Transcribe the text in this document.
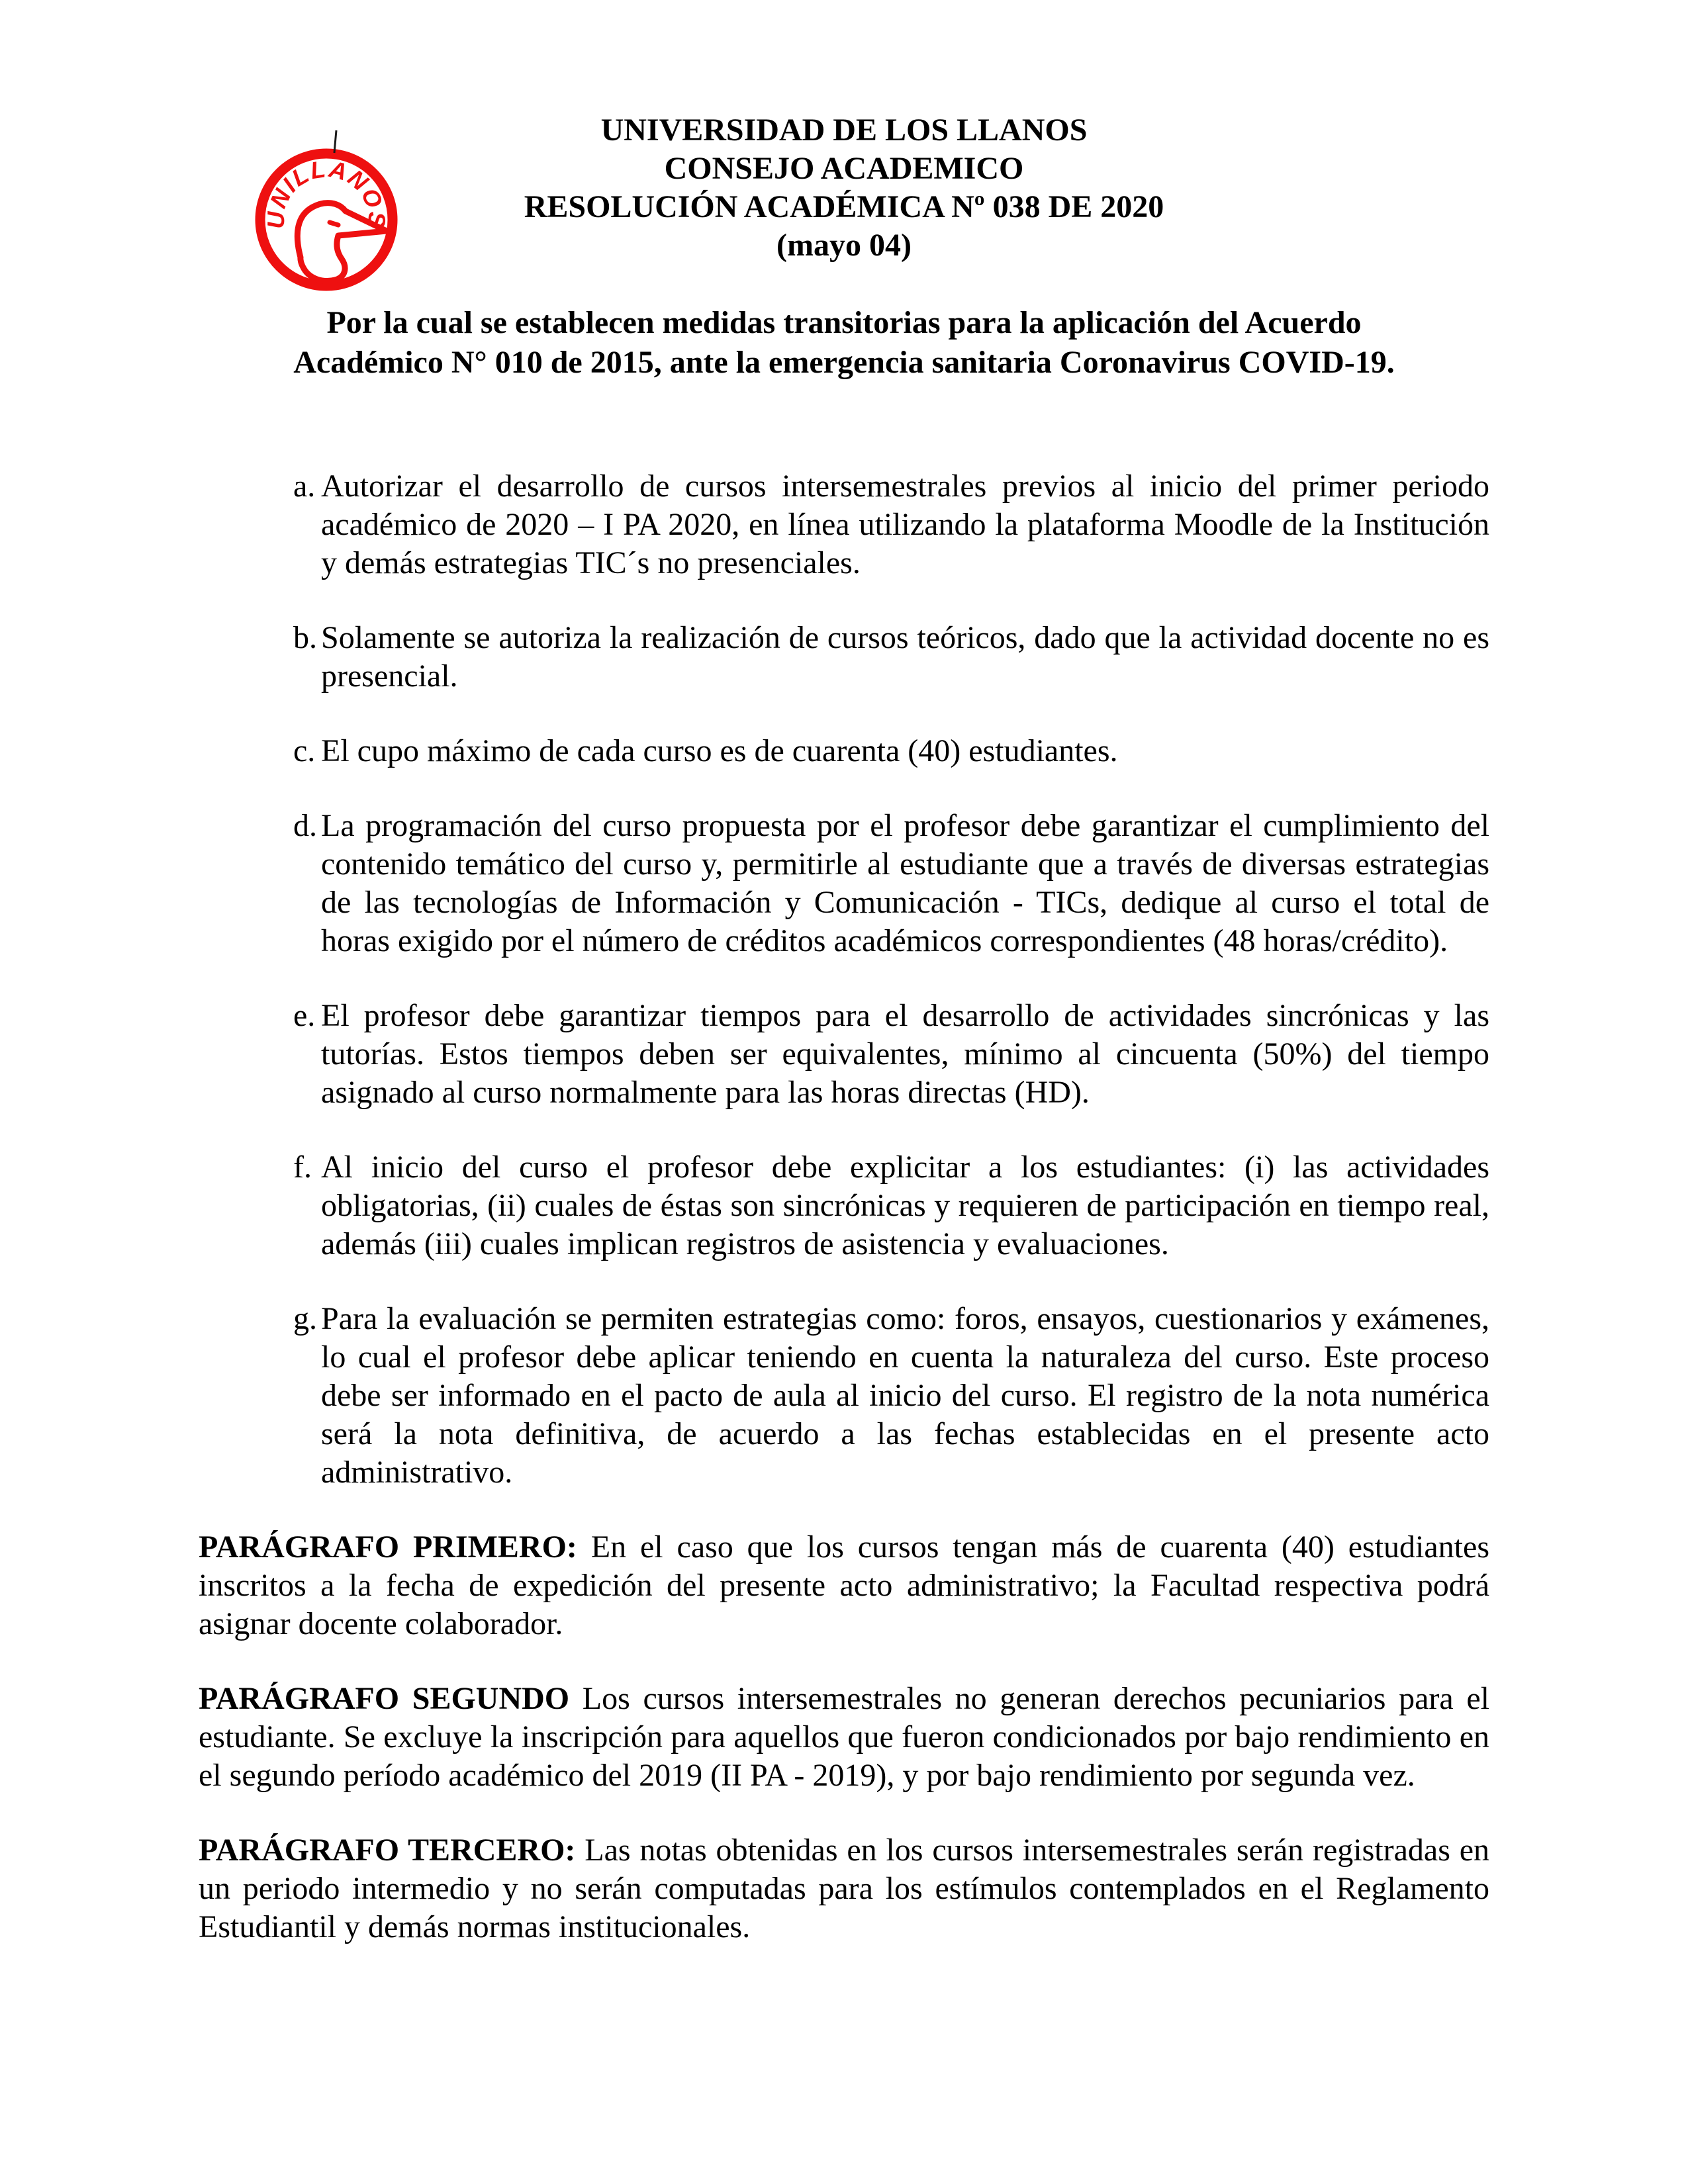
UNILLANOS
UNIVERSIDAD DE LOS LLANOS
CONSEJO ACADEMICO
RESOLUCIÓN ACADÉMICA Nº 038 DE 2020
(mayo 04)
Por la cual se establecen medidas transitorias para la aplicación del Acuerdo
Académico N° 010 de 2015, ante la emergencia sanitaria Coronavirus COVID-19.
a. Autorizar el desarrollo de cursos intersemestrales previos al inicio del primer periodo académico de 2020 – I PA 2020, en línea utilizando la plataforma Moodle de la Institución y demás estrategias TIC´s no presenciales.
b. Solamente se autoriza la realización de cursos teóricos, dado que la actividad docente no es presencial.
c. El cupo máximo de cada curso es de cuarenta (40) estudiantes.
d. La programación del curso propuesta por el profesor debe garantizar el cumplimiento del contenido temático del curso y, permitirle al estudiante que a través de diversas estrategias de las tecnologías de Información y Comunicación - TICs, dedique al curso el total de horas exigido por el número de créditos académicos correspondientes (48 horas/crédito).
e. El profesor debe garantizar tiempos para el desarrollo de actividades sincrónicas y las tutorías. Estos tiempos deben ser equivalentes, mínimo al cincuenta (50%) del tiempo asignado al curso normalmente para las horas directas (HD).
f. Al inicio del curso el profesor debe explicitar a los estudiantes: (i) las actividades obligatorias, (ii) cuales de éstas son sincrónicas y requieren de participación en tiempo real, además (iii) cuales implican registros de asistencia y evaluaciones.
g. Para la evaluación se permiten estrategias como: foros, ensayos, cuestionarios y exámenes, lo cual el profesor debe aplicar teniendo en cuenta la naturaleza del curso. Este proceso debe ser informado en el pacto de aula al inicio del curso. El registro de la nota numérica será la nota definitiva, de acuerdo a las fechas establecidas en el presente acto administrativo.
PARÁGRAFO PRIMERO: En el caso que los cursos tengan más de cuarenta (40) estudiantes inscritos a la fecha de expedición del presente acto administrativo; la Facultad respectiva podrá asignar docente colaborador.
PARÁGRAFO SEGUNDO Los cursos intersemestrales no generan derechos pecuniarios para el estudiante. Se excluye la inscripción para aquellos que fueron condicionados por bajo rendimiento en el segundo período académico del 2019 (II PA - 2019), y por bajo rendimiento por segunda vez.
PARÁGRAFO TERCERO: Las notas obtenidas en los cursos intersemestrales serán registradas en un periodo intermedio y no serán computadas para los estímulos contemplados en el Reglamento Estudiantil y demás normas institucionales.
